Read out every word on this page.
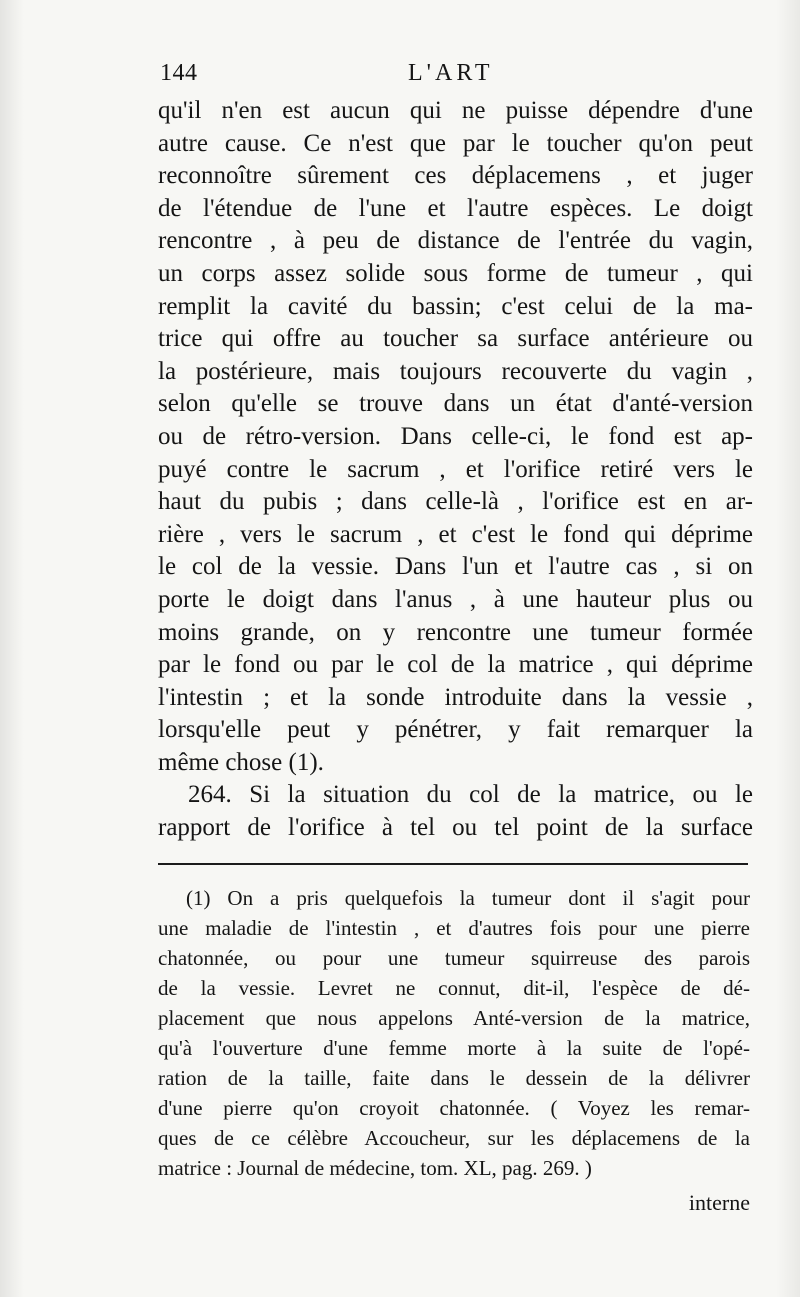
144	L'ART
qu'il n'en est aucun qui ne puisse dépendre d'une
autre cause. Ce n'est que par le toucher qu'on peut
reconnoître sûrement ces déplacemens , et juger
de l'étendue de l'une et l'autre espèces. Le doigt
rencontre , à peu de distance de l'entrée du vagin,
un corps assez solide sous forme de tumeur , qui
remplit la cavité du bassin; c'est celui de la ma-
trice qui offre au toucher sa surface antérieure ou
la postérieure, mais toujours recouverte du vagin ,
selon qu'elle se trouve dans un état d'anté-version
ou de rétro-version. Dans celle-ci, le fond est ap-
puyé contre le sacrum , et l'orifice retiré vers le
haut du pubis ; dans celle-là , l'orifice est en ar-
rière , vers le sacrum , et c'est le fond qui déprime
le col de la vessie. Dans l'un et l'autre cas , si on
porte le doigt dans l'anus , à une hauteur plus ou
moins grande, on y rencontre une tumeur formée
par le fond ou par le col de la matrice , qui déprime
l'intestin ; et la sonde introduite dans la vessie ,
lorsqu'elle peut y pénétrer, y fait remarquer la
même chose (1).
264. Si la situation du col de la matrice, ou le
rapport de l'orifice à tel ou tel point de la surface
(1) On a pris quelquefois la tumeur dont il s'agit pour
une maladie de l'intestin , et d'autres fois pour une pierre
chatonnée, ou pour une tumeur squirreuse des parois
de la vessie. Levret ne connut, dit-il, l'espèce de dé-
placement que nous appelons Anté-version de la matrice,
qu'à l'ouverture d'une femme morte à la suite de l'opé-
ration de la taille, faite dans le dessein de la délivrer
d'une pierre qu'on croyoit chatonnée. ( Voyez les remar-
ques de ce célèbre Accoucheur, sur les déplacemens de la
matrice : Journal de médecine, tom. XL, pag. 269. )
interne
